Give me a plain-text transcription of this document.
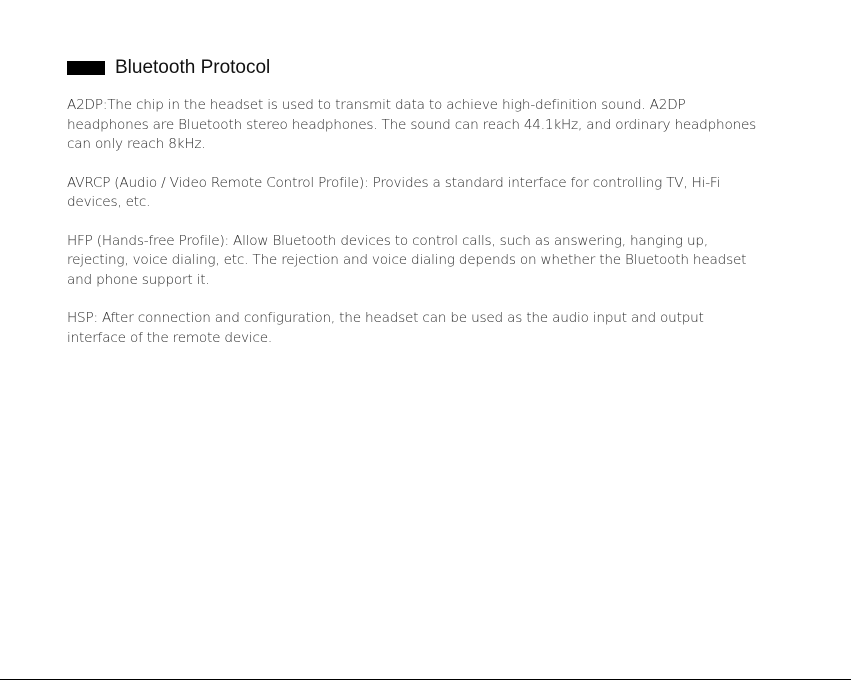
Bluetooth Protocol

A2DP:The chip in the headset is used to transmit data to achieve high-definition sound. A2DP headphones are Bluetooth stereo headphones. The sound can reach 44.1kHz, and ordinary headphones can only reach 8kHz.

AVRCP (Audio / Video Remote Control Profile): Provides a standard interface for controlling TV, Hi-Fi devices, etc.

HFP (Hands-free Profile): Allow Bluetooth devices to control calls, such as answering, hanging up, rejecting, voice dialing, etc. The rejection and voice dialing depends on whether the Bluetooth headset and phone support it.

HSP: After connection and configuration, the headset can be used as the audio input and output interface of the remote device.
